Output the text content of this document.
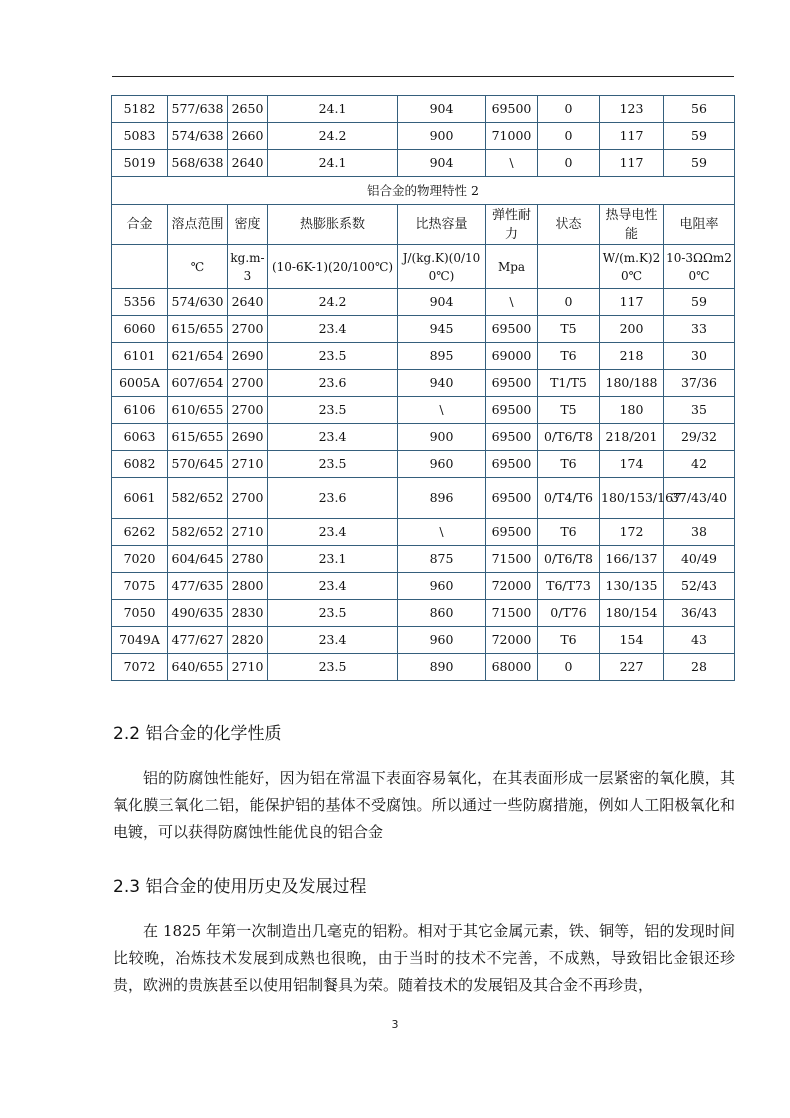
5182	577/638	2650	24.1	904	69500	0	123	56
5083	574/638	2660	24.2	900	71000	0	117	59
5019	568/638	2640	24.1	904	\	0	117	59
铝合金的物理特性 2								
合金	溶点范围	密度	热膨胀系数	比热容量	弹性耐力	状态	热导电性能	电阻率
	℃	kg.m-3	(10-6K-1)(20/100℃)	J/(kg.K)(0/100℃)	Mpa		W/(m.K)20℃	10-3ΩΩm20℃
5356	574/630	2640	24.2	904	\	0	117	59
6060	615/655	2700	23.4	945	69500	T5	200	33
6101	621/654	2690	23.5	895	69000	T6	218	30
6005A	607/654	2700	23.6	940	69500	T1/T5	180/188	37/36
6106	610/655	2700	23.5	\	69500	T5	180	35
6063	615/655	2690	23.4	900	69500	0/T6/T8	218/201	29/32
6082	570/645	2710	23.5	960	69500	T6	174	42
6061	582/652	2700	23.6	896	69500	0/T4/T6	180/153/167	37/43/40
6262	582/652	2710	23.4	\	69500	T6	172	38
7020	604/645	2780	23.1	875	71500	0/T6/T8	166/137	40/49
7075	477/635	2800	23.4	960	72000	T6/T73	130/135	52/43
7050	490/635	2830	23.5	860	71500	0/T76	180/154	36/43
7049A	477/627	2820	23.4	960	72000	T6	154	43
7072	640/655	2710	23.5	890	68000	0	227	28
2.2 铝合金的化学性质

铝的防腐蚀性能好，因为铝在常温下表面容易氧化，在其表面形成一层紧密的氧化膜，其氧化膜三氧化二铝，能保护铝的基体不受腐蚀。所以通过一些防腐措施，例如人工阳极氧化和电镀，可以获得防腐蚀性能优良的铝合金

2.3 铝合金的使用历史及发展过程

在 1825 年第一次制造出几毫克的铝粉。相对于其它金属元素，铁、铜等，铝的发现时间比较晚，冶炼技术发展到成熟也很晚，由于当时的技术不完善，不成熟，导致铝比金银还珍贵，欧洲的贵族甚至以使用铝制餐具为荣。随着技术的发展铝及其合金不再珍贵，

3
